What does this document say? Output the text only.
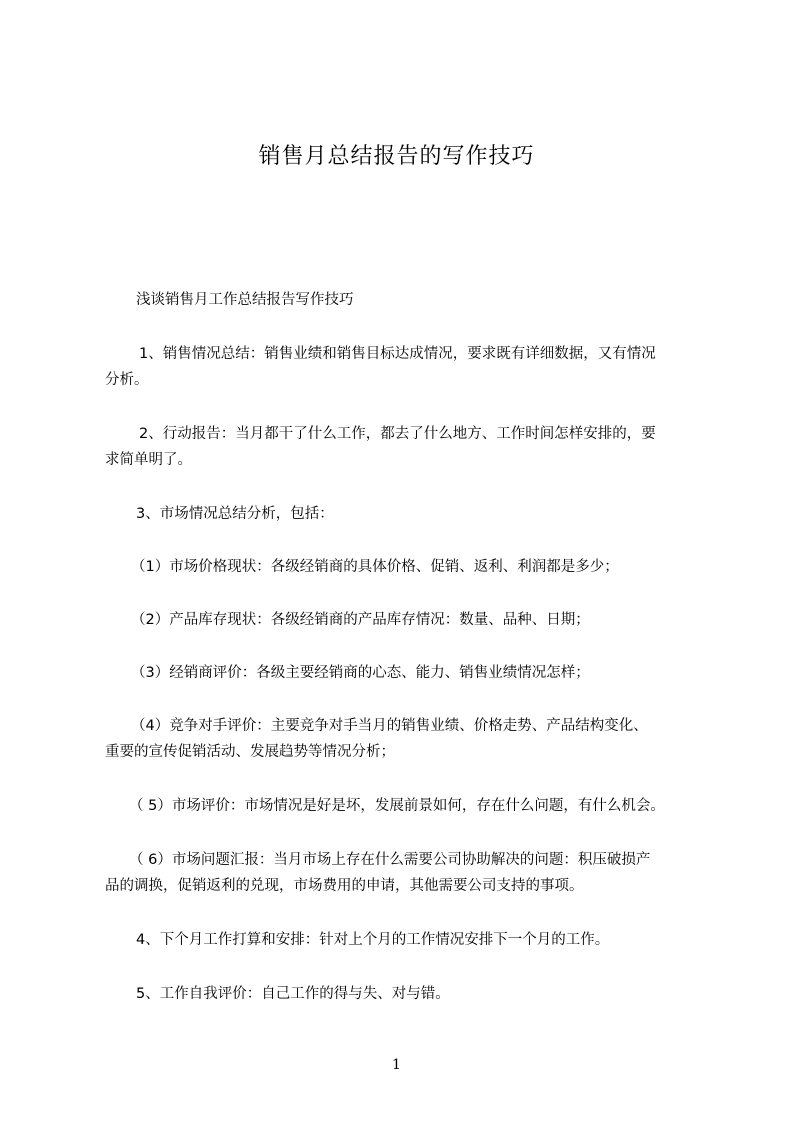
销售月总结报告的写作技巧
浅谈销售月工作总结报告写作技巧
1、销售情况总结：销售业绩和销售目标达成情况，要求既有详细数据，又有情况
分析。
2、行动报告：当月都干了什么工作，都去了什么地方、工作时间怎样安排的，要
求简单明了。
3、市场情况总结分析，包括：
（1）市场价格现状：各级经销商的具体价格、促销、返利、利润都是多少；
（2）产品库存现状：各级经销商的产品库存情况：数量、品种、日期；
（3）经销商评价：各级主要经销商的心态、能力、销售业绩情况怎样；
（4）竞争对手评价：主要竞争对手当月的销售业绩、价格走势、产品结构变化、
重要的宣传促销活动、发展趋势等情况分析；
（ 5）市场评价：市场情况是好是坏，发展前景如何，存在什么问题，有什么机会。
（ 6）市场问题汇报：当月市场上存在什么需要公司协助解决的问题：积压破损产
品的调换，促销返利的兑现，市场费用的申请，其他需要公司支持的事项。
4、下个月工作打算和安排：针对上个月的工作情况安排下一个月的工作。
5、工作自我评价：自己工作的得与失、对与错。
1
